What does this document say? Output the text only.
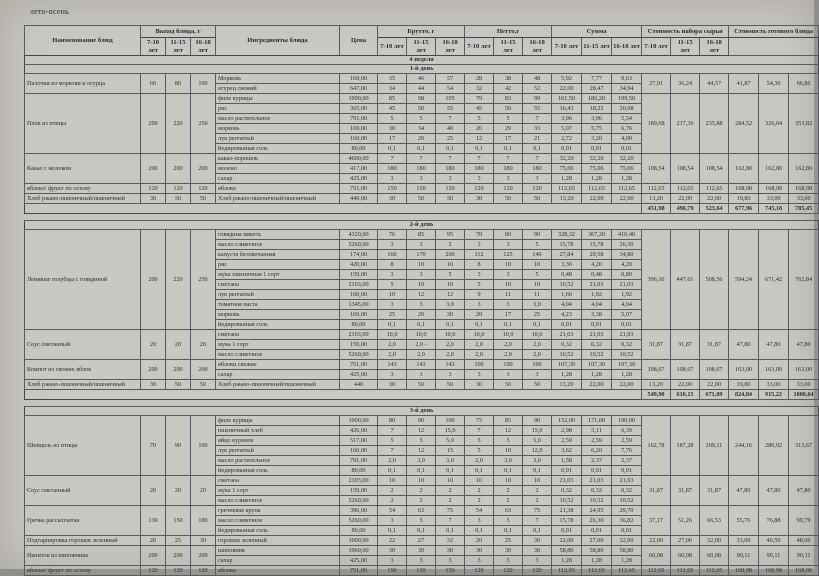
лето-осень
Наименование блюд	Выход блюда, г			Ингредиенты блюда	Цена	Брутто, г			Нетто,г			Сумма			Стоимость набора сырья			Стоимость готового блюда		
	7-10 лет	11-15 лет	16-18 лет			7-10 лет	11-15 лет	16-18 лет	7-10 лет	11-15 лет	16-18 лет	7-10 лет	11-15 лет	16-18 лет	7-10 лет	11-15 лет	16-18 лет			
4 неделя																				
1-й день																				
Палочки из моркови и огурца	60	80	100	Морковь	169,00	35	46	57	28	38	48	5,92	7,77	9,63	27,91	36,24	44,57	41,87	54,36	66,86
				огурец свежий	647,00	34	44	54	32	42	52	22,00	28,47	34,94						
Плов из птицы	200	220	250	филе курицы	1900,00	85	98	105	79	83	99	161,50	186,20	199,50	189,68	217,36	235,88	284,52	326,04	353,82
				рис	365,00	45	50	55	45	50	55	16,43	18,25	20,08						
				масло растительное	791,00	5	5	7	5	5	7	3,96	3,96	5,54						
				морковь	169,00	30	34	40	26	29	33	5,07	5,75	6,76						
				лук репчатый	160,00	17	20	25	12	17	21	2,72	3,20	4,00						
				йодированная соль	80,00	0,1	0,1	0,1	0,1	0,1	0,1	0,01	0,01	0,01						
Какао с молоком	200	200	200	какао-порошок	4600,00	7	7	7	7	7	7	32,20	32,20	32,20	108,54	108,54	108,54	162,80	162,80	162,80
				молоко	417,00	180	180	180	180	180	180	75,06	75,06	75,06						
				сахар	425,00	3	3	3	3	3	3	1,28	1,28	1,28						
яблоко/ фрукт по сезону	120	120	120	яблоко	751,00	150	150	150	120	120	120	112,65	112,65	112,65	112,65	112,65	112,65	168,98	168,98	168,98
Хлеб ржано-пшеничный/пшеничный	30	50	50	Хлеб ржано-пшеничный/пшеничный	440,00	30	50	50	30	50	50	13,20	22,00	22,00	13,20	22,00	22,00	19,80	33,00	33,00
															451,98	496,79	523,64	677,96	745,18	785,45
2-й день																				
Ленивые голубцы с говядиной	200	220	250	говядина мякоть	4320,00	76	85	95	70	80	90	328,32	367,20	410,40	396,16	447,61	508,56	594,24	671,42	762,84
				масло сливочное	5260,00	3	3	5	3	3	5	15,78	15,78	26,30						
				капуста белокочанная	174,00	160	170	200	112	125	140	27,84	29,58	34,80						
				рис	420,00	8	10	10	8	10	10	3,36	4,20	4,20						
				мука пшеничная 1 сорт	159,00	3	3	5	3	3	5	0,48	0,48	0,80						
				сметана	2103,00	5	10	10	5	10	10	10,52	21,03	21,03						
				лук репчатый	160,00	10	12	12	9	11	11	1,60	1,92	1,92						
				томатная паста	1345,00	3	3	3,0	3	3	3,0	4,04	4,04	4,04						
				морковь	169,00	25	20	30	20	17	25	4,23	3,38	5,07						
				йодированная соль	80,00	0,1	0,1	0,1	0,1	0,1	0,1	0,01	0,01	0,01						
Соус сметанный	20	20	20	сметана	2103,00	10,0	10,0	10,0	10,0	10,0	10,0	21,03	21,03	21,03	31,87	31,87	31,87	47,80	47,80	47,80
				мука 1 сорт	159,00	2,0	2,0 -	2,0	2,0	2,0	2,0	0,32	0,32	0,32						
				масло сливочное	5260,00	2,0	2,0	2,0	2,0	2,0	2,0	10,52	10,52	10,52						
Компот из свежих яблок	200	200	200	яблоки свежие	751,00	143	143	143	100	100	100	107,39	107,39	107,39	108,67	108,67	108,67	163,00	163,00	163,00
				сахар	425,00	3	3	3	3	3	3	1,28	1,28	1,28						
Хлеб ржано-пшеничный/пшеничный	30	50	50	Хлеб ржано-пшеничный/пшеничный	440	30	50	50	30	50	50	13,20	22,00	22,00	13,20	22,00	22,00	19,80	33,00	33,00
															549,90	610,15	671,09	824,84	915,22	1006,64
3-й день																				
Шницель из птицы	70	90	100	филе курицы	1900,00	80	90	100	75	85	90	152,00	171,00	190,00	162,78	187,28	209,11	244,16	280,92	313,67
				пшеничный хлеб	426,00	7	12	15,0	7	12	15,0	2,98	5,11	6,39						
				яйцо куриное	517,00	5	5	5,0	5	5	5,0	2,59	2,59	2,59						
				лук репчатый	160,00	7	12	15	5	10	12,0	3,62	6,20	7,76						
				масло растительное	791,00	2,0	3,0	3,0	2,0	3,0	3,0	1,58	2,37	2,37						
				йодированная соль	80,00	0,1	0,1	0,1	0,1	0,1	0,1	0,01	0,01	0,01						
Соус сметанный	20	20	20	сметана	2103,00	10	10	10	10	10	10	21,03	21,03	21,03	31,87	31,87	31,87	47,80	47,80	47,80
				мука 1 сорт	159,00	2	2	2	2	2	2	0,32	0,32	0,32						
				масло сливочное	5260,00	2	2	2	2	2	2	10,52	10,52	10,52						
Гречка рассыпчатая	130	150	180	гречневая крупа	396,00	54	63	75	54	63	75	21,38	24,95	29,70	37,17	51,26	66,53	55,76	76,88	99,79
				масло сливочное	5260,00	3	5	7	3	5	7	15,78	26,30	36,82						
				йодированная соль	80,00	0,1	0,1	0,1	0,1	0,1	0,1	0,01	0,01	0,01						
Подгарнировка горошек зеленный	20	25	30	горошек зеленный	1000,00	22	27	32	20	25	30	22,00	27,00	32,00	22,00	27,00	32,00	33,00	40,50	48,00
Напиток из шиповника	200	200	200	шиповник	1960,00	30	30	30	30	30	30	58,80	58,80	58,80	60,08	60,08	60,08	90,11	90,11	90,11
				сахар	425,00	3	3	3	3	3	3	1,28	1,28	1,28						
яблоко/ фрукт по сезону	120	120	120	яблоко	751,00	150	150	150	120	120	120	112,65	112,65	112,65	112,65	112,65	112,65	168,98	168,98	168,98
